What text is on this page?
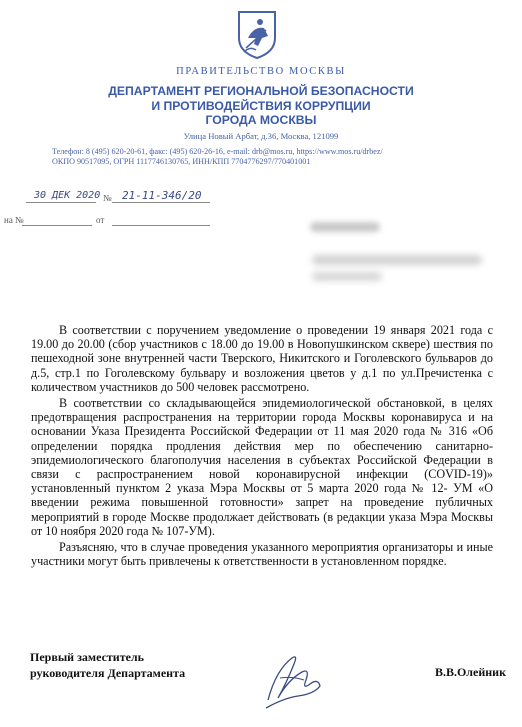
ПРАВИТЕЛЬСТВО МОСКВЫ
ДЕПАРТАМЕНТ РЕГИОНАЛЬНОЙ БЕЗОПАСНОСТИ
И ПРОТИВОДЕЙСТВИЯ КОРРУПЦИИ
ГОРОДА МОСКВЫ
Улица Новый Арбат, д.36, Москва, 121099
Телефон: 8 (495) 620-20-61, факс: (495) 620-26-16, e-mail: drb@mos.ru, https://www.mos.ru/drbez/
ОКПО 90517095, ОГРН 1117746130765, ИНН/КПП 7704776297/770401001
30 ДЕК 2020 № 21-11-346/20
на №	от

В соответствии с поручением уведомление о проведении 19 января 2021 года с 19.00 до 20.00 (сбор участников с 18.00 до 19.00 в Новопушкинском сквере) шествия по пешеходной зоне внутренней части Тверского, Никитского и Гоголевского бульваров до д.5, стр.1 по Гоголевскому бульвару и возложения цветов у д.1 по ул.Пречистенка с количеством участников до 500 человек рассмотрено.

В соответствии со складывающейся эпидемиологической обстановкой, в целях предотвращения распространения на территории города Москвы коронавируса и на основании Указа Президента Российской Федерации от 11 мая 2020 года № 316 «Об определении порядка продления действия мер по обеспечению санитарно-эпидемиологического благополучия населения в субъектах Российской Федерации в связи с распространением новой коронавирусной инфекции (COVID-19)» установленный пунктом 2 указа Мэра Москвы от 5 марта 2020 года № 12- УМ «О введении режима повышенной готовности» запрет на проведение публичных мероприятий в городе Москве продолжает действовать (в редакции указа Мэра Москвы от 10 ноября 2020 года № 107-УМ).

Разъясняю, что в случае проведения указанного мероприятия организаторы и иные участники могут быть привлечены к ответственности в установленном порядке.

Первый заместитель
руководителя Департамента	В.В.Олейник
